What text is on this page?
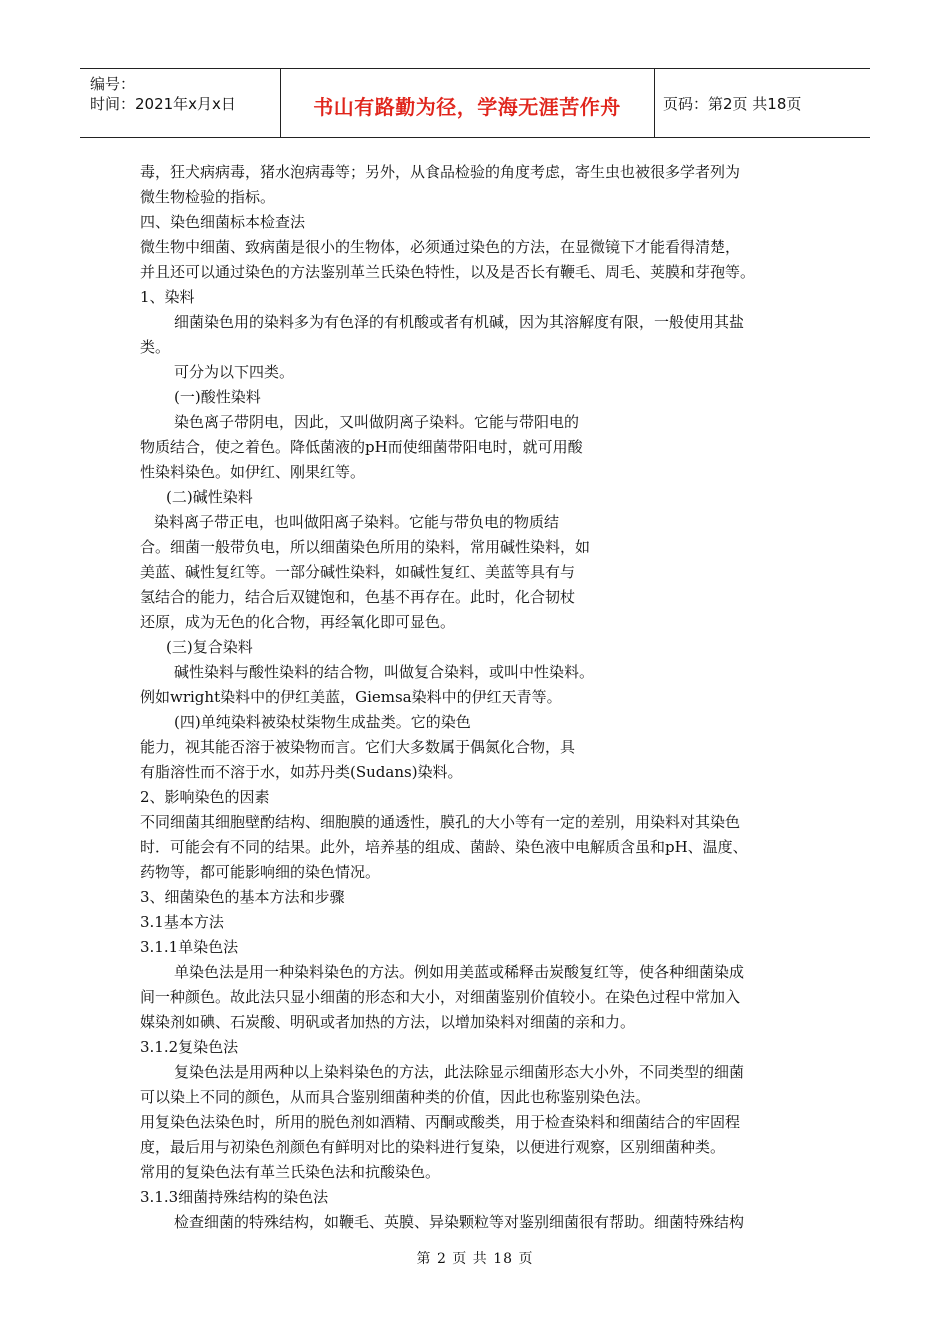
编号：
时间：2021年x月x日	书山有路勤为径，学海无涯苦作舟	页码：第2页 共18页
毒，狂犬病病毒，猪水泡病毒等；另外，从食品检验的角度考虑，寄生虫也被很多学者列为
微生物检验的指标。
四、染色细菌标本检查法
微生物中细菌、致病菌是很小的生物体，必须通过染色的方法，在显微镜下才能看得清楚，
并且还可以通过染色的方法鉴别革兰氏染色特性，以及是否长有鞭毛、周毛、荚膜和芽孢等。
1、染料
细菌染色用的染料多为有色泽的有机酸或者有机碱，因为其溶解度有限，一般使用其盐
类。
可分为以下四类。
(一)酸性染料
染色离子带阴电，因此，又叫做阴离子染料。它能与带阳电的
物质结合，使之着色。降低菌液的pH而使细菌带阳电时，就可用酸
性染料染色。如伊红、刚果红等。
(二)碱性染料
染料离子带正电，也叫做阳离子染料。它能与带负电的物质结
合。细菌一般带负电，所以细菌染色所用的染料，常用碱性染料，如
美蓝、碱性复红等。一部分碱性染料，如碱性复红、美蓝等具有与
氢结合的能力，结合后双键饱和，色基不再存在。此时，化合韧杖
还原，成为无色的化合物，再经氧化即可显色。
(三)复合染料
碱性染料与酸性染料的结合物，叫做复合染料，或叫中性染料。
例如wright染料中的伊红美蓝，Giemsa染料中的伊红天青等。
(四)单纯染料被染杖柒物生成盐类。它的染色
能力，视其能否溶于被染物而言。它们大多数属于偶氮化合物，具
有脂溶性而不溶于水，如苏丹类(Sudans)染料。
2、影响染色的因素
不同细菌其细胞壁酌结构、细胞膜的通透性，膜孔的大小等有一定的差别，用染料对其染色
时．可能会有不同的结果。此外，培养基的组成、菌龄、染色液中电解质含虽和pH、温度、
药物等，都可能影响细的染色情况。
3、细菌染色的基本方法和步骤
3.1基本方法
3.1.1单染色法
单染色法是用一种染料染色的方法。例如用美蓝或稀释击炭酸复红等，使各种细菌染成
间一种颜色。故此法只显小细菌的形态和大小，对细菌鉴别价值较小。在染色过程中常加入
媒染剂如碘、石炭酸、明矾或者加热的方法，以增加染料对细菌的亲和力。
3.1.2复染色法
复染色法是用两种以上染料染色的方法，此法除显示细菌形态大小外，不同类型的细菌
可以染上不同的颜色，从而具合鉴别细菌种类的价值，因此也称鉴别染色法。
用复染色法染色时，所用的脱色剂如酒精、丙酮或酸类，用于检查染料和细菌结合的牢固程
度，最后用与初染色剂颜色有鲜明对比的染料进行复染，以便进行观察，区别细菌种类。
常用的复染色法有革兰氏染色法和抗酸染色。
3.1.3细菌持殊结构的染色法
检查细菌的特殊结构，如鞭毛、英膜、异染颗粒等对鉴别细菌很有帮助。细菌特殊结构
第 2 页 共 18 页
